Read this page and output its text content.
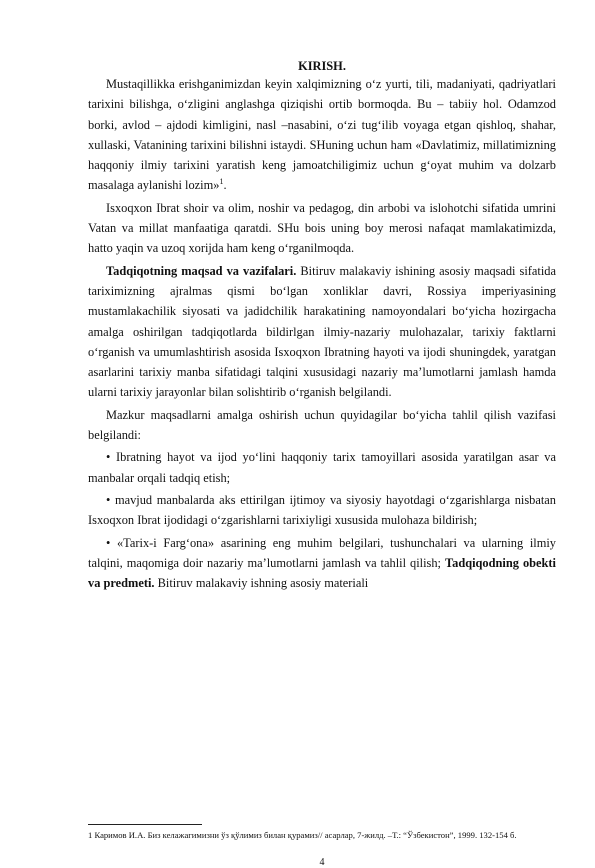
KIRISH.

Mustaqillikka erishganimizdan keyin xalqimizning o‘z yurti, tili, madaniyati, qadriyatlari tarixini bilishga, o‘zligini anglashga qiziqishi ortib bormoqda. Bu – tabiiy hol. Odamzod borki, avlod – ajdodi kimligini, nasl –nasabini, o‘zi tug‘ilib voyaga etgan qishloq, shahar, xullaski, Vatanining tarixini bilishni istaydi. SHuning uchun ham «Davlatimiz, millatimizning haqqoniy ilmiy tarixini yaratish keng jamoatchiligimiz uchun g‘oyat muhim va dolzarb masalaga aylanishi lozim»$^1$.

Isxoqxon Ibrat shoir va olim, noshir va pedagog, din arbobi va islohotchi sifatida umrini Vatan va millat manfaatiga qaratdi. SHu bois uning boy merosi nafaqat mamlakatimizda, hatto yaqin va uzoq xorijda ham keng o‘rganilmoqda.

Tadqiqotning maqsad va vazifalari. Bitiruv malakaviy ishining asosiy maqsadi sifatida tariximizning ajralmas qismi bo‘lgan xonliklar davri, Rossiya imperiyasining mustamlakachilik siyosati va jadidchilik harakatining namoyondalari bo‘yicha hozirgacha amalga oshirilgan tadqiqotlarda bildirlgan ilmiy-nazariy mulohazalar, tarixiy faktlarni o‘rganish va umumlashtirish asosida Isxoqxon Ibratning hayoti va ijodi shuningdek, yaratgan asarlarini tarixiy manba sifatidagi talqini xususidagi nazariy ma’lumotlarni jamlash hamda ularni tarixiy jarayonlar bilan solishtirib o‘rganish belgilandi.

Mazkur maqsadlarni amalga oshirish uchun quyidagilar bo‘yicha tahlil qilish vazifasi belgilandi:

• Ibratning hayot va ijod yo‘lini haqqoniy tarix tamoyillari asosida yaratilgan asar va manbalar orqali tadqiq etish;

• mavjud manbalarda aks ettirilgan ijtimoy va siyosiy hayotdagi o‘zgarishlarga nisbatan Isxoqxon Ibrat ijodidagi o‘zgarishlarni tarixiyligi xususida mulohaza bildirish;

• «Tarix-i Farg‘ona» asarining eng muhim belgilari, tushunchalari va ularning ilmiy talqini, maqomiga doir nazariy ma’lumotlarni jamlash va tahlil qilish; Tadqiqodning obekti va predmeti. Bitiruv malakaviy ishning asosiy materiali

1 Каримов И.А. Биз келажагимизни ўз қўлимиз билан қурамиз// асарлар, 7-жилд. –Т.: “Ўзбекистон”, 1999. 132-154 б.
4
